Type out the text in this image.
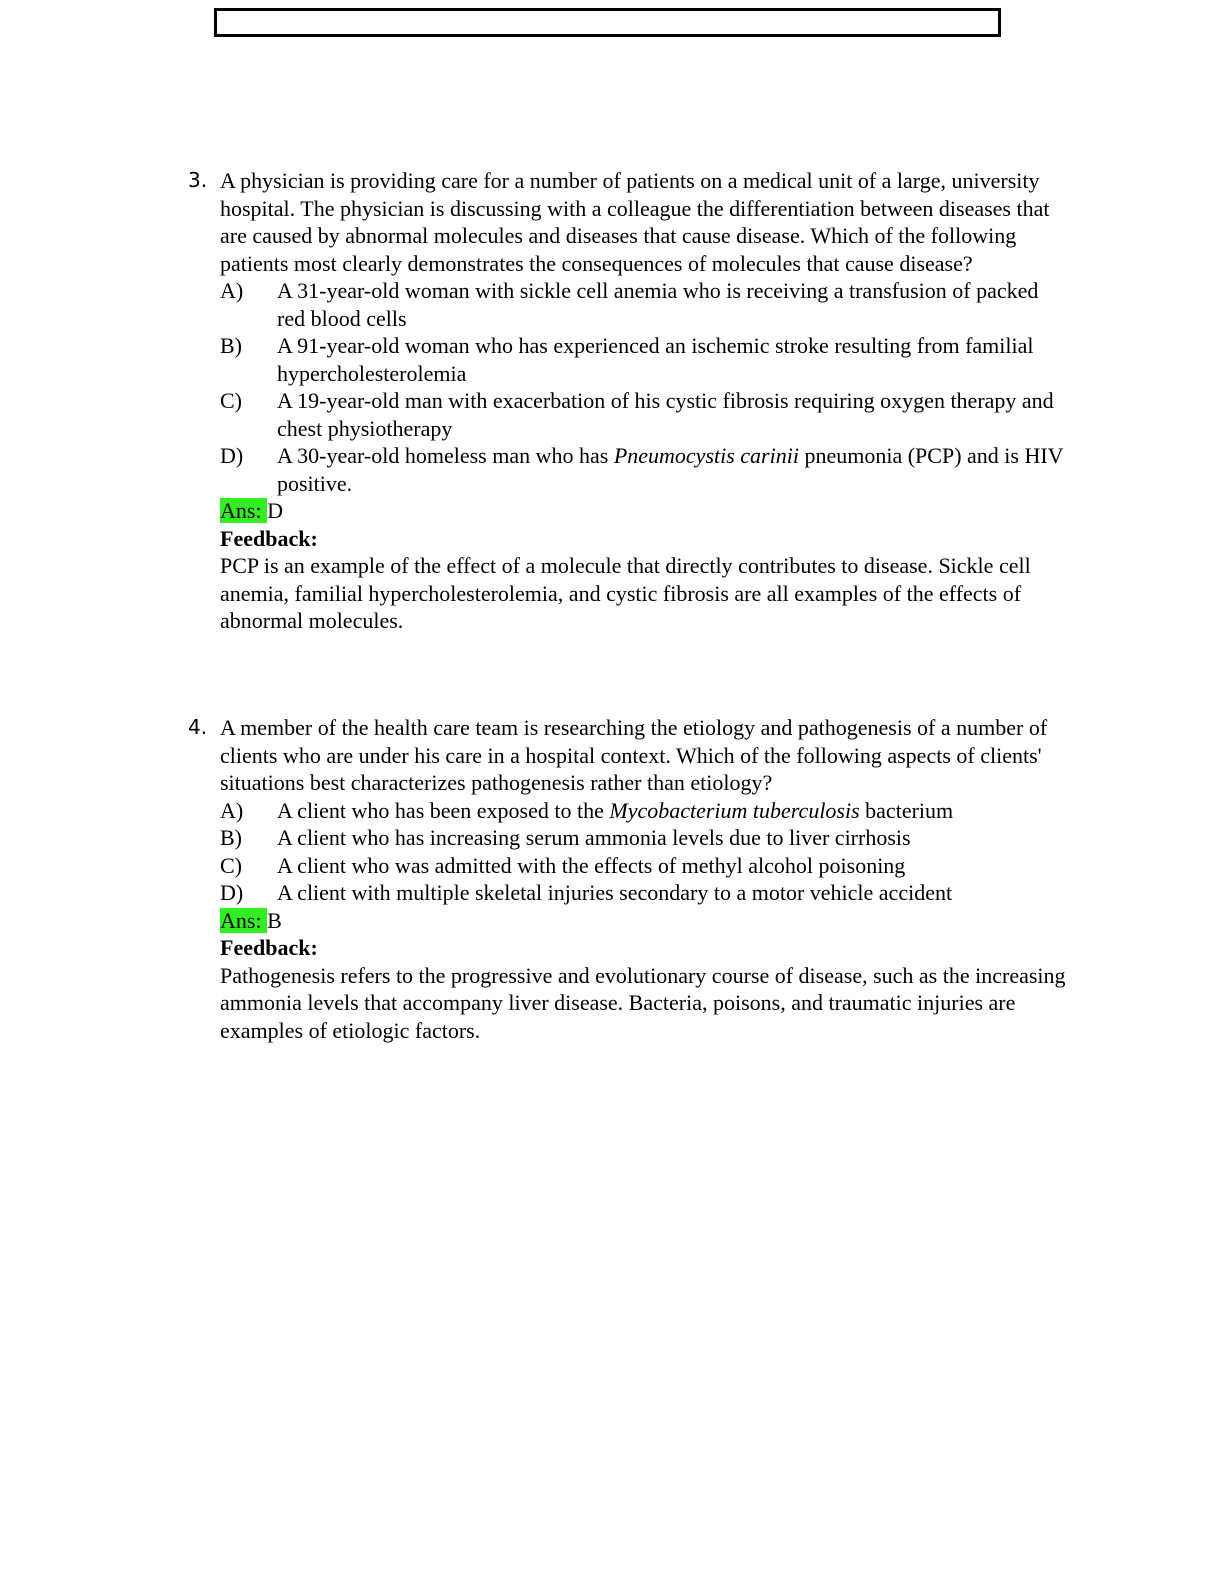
3. A physician is providing care for a number of patients on a medical unit of a large, university hospital. The physician is discussing with a colleague the differentiation between diseases that are caused by abnormal molecules and diseases that cause disease. Which of the following patients most clearly demonstrates the consequences of molecules that cause disease?
A) A 31-year-old woman with sickle cell anemia who is receiving a transfusion of packed red blood cells
B) A 91-year-old woman who has experienced an ischemic stroke resulting from familial hypercholesterolemia
C) A 19-year-old man with exacerbation of his cystic fibrosis requiring oxygen therapy and chest physiotherapy
D) A 30-year-old homeless man who has Pneumocystis carinii pneumonia (PCP) and is HIV positive.
Ans: D
Feedback:
PCP is an example of the effect of a molecule that directly contributes to disease. Sickle cell anemia, familial hypercholesterolemia, and cystic fibrosis are all examples of the effects of abnormal molecules.
4. A member of the health care team is researching the etiology and pathogenesis of a number of clients who are under his care in a hospital context. Which of the following aspects of clients' situations best characterizes pathogenesis rather than etiology?
A) A client who has been exposed to the Mycobacterium tuberculosis bacterium
B) A client who has increasing serum ammonia levels due to liver cirrhosis
C) A client who was admitted with the effects of methyl alcohol poisoning
D) A client with multiple skeletal injuries secondary to a motor vehicle accident
Ans: B
Feedback:
Pathogenesis refers to the progressive and evolutionary course of disease, such as the increasing ammonia levels that accompany liver disease. Bacteria, poisons, and traumatic injuries are examples of etiologic factors.
